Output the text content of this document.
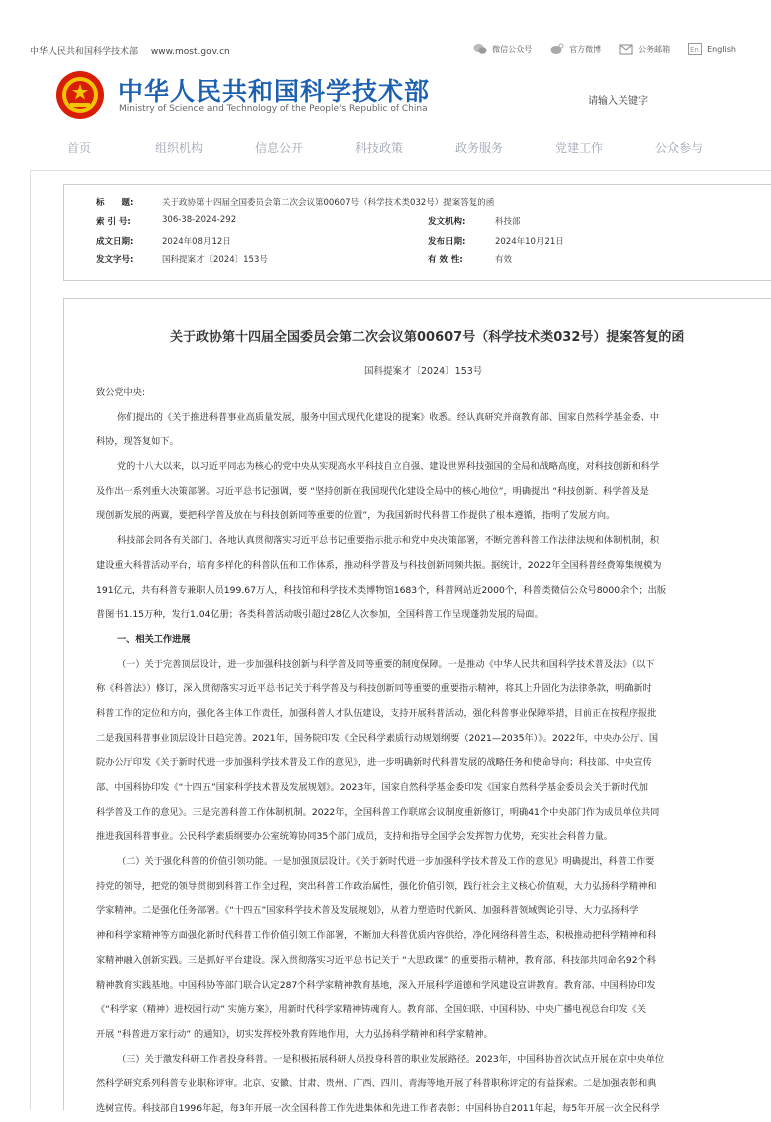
中华人民共和国科学技术部 www.most.gov.cn	微信公众号	官方微博	公务邮箱	En English
中华人民共和国科学技术部
Ministry of Science and Technology of the People's Republic of China
请输入关键字
首页	组织机构	信息公开	科技政策	政务服务	党建工作	公众参与
标　　题:	关于政协第十四届全国委员会第二次会议第00607号（科学技术类032号）提案答复的函
索 引 号:	306-38-2024-292	发文机构:	科技部
成文日期:	2024年08月12日	发布日期:	2024年10月21日
发文字号:	国科提案才〔2024〕153号	有 效 性:	有效
关于政协第十四届全国委员会第二次会议第00607号（科学技术类032号）提案答复的函
国科提案才〔2024〕153号
致公党中央:
你们提出的《关于推进科普事业高质量发展，服务中国式现代化建设的提案》收悉。经认真研究并商教育部、国家自然科学基金委、中
科协，现答复如下。
党的十八大以来，以习近平同志为核心的党中央从实现高水平科技自立自强、建设世界科技强国的全局和战略高度，对科技创新和科学
及作出一系列重大决策部署。习近平总书记强调，要 “坚持创新在我国现代化建设全局中的核心地位”，明确提出 “科技创新、科学普及是
现创新发展的两翼，要把科学普及放在与科技创新同等重要的位置”，为我国新时代科普工作提供了根本遵循，指明了发展方向。
科技部会同各有关部门、各地认真贯彻落实习近平总书记重要指示批示和党中央决策部署，不断完善科普工作法律法规和体制机制，积
建设重大科普活动平台，培育多样化的科普队伍和工作体系，推动科学普及与科技创新同频共振。据统计，2022年全国科普经费筹集规模为
191亿元，共有科普专兼职人员199.67万人，科技馆和科学技术类博物馆1683个，科普网站近2000个，科普类微信公众号8000余个；出版
普图书1.15万种，发行1.04亿册；各类科普活动吸引超过28亿人次参加，全国科普工作呈现蓬勃发展的局面。
一、相关工作进展
（一）关于完善顶层设计，进一步加强科技创新与科学普及同等重要的制度保障。一是推动《中华人民共和国科学技术普及法》（以下
称《科普法》）修订，深入贯彻落实习近平总书记关于科学普及与科技创新同等重要的重要指示精神，将其上升固化为法律条款，明确新时
科普工作的定位和方向，强化各主体工作责任，加强科普人才队伍建设，支持开展科普活动，强化科普事业保障举措，目前正在按程序报批
二是我国科普事业顶层设计日趋完善。2021年，国务院印发《全民科学素质行动规划纲要（2021—2035年）》。2022年，中央办公厅、国
院办公厅印发《关于新时代进一步加强科学技术普及工作的意见》，进一步明确新时代科普发展的战略任务和使命导向；科技部、中央宣传
部、中国科协印发《“十四五”国家科学技术普及发展规划》。2023年，国家自然科学基金委印发《国家自然科学基金委员会关于新时代加
科学普及工作的意见》。三是完善科普工作体制机制。2022年，全国科普工作联席会议制度重新修订，明确41个中央部门作为成员单位共同
推进我国科普事业。公民科学素质纲要办公室统筹协同35个部门成员，支持和指导全国学会发挥智力优势，充实社会科普力量。
（二）关于强化科普的价值引领功能。一是加强顶层设计。《关于新时代进一步加强科学技术普及工作的意见》明确提出，科普工作要
持党的领导，把党的领导贯彻到科普工作全过程，突出科普工作政治属性，强化价值引领，践行社会主义核心价值观，大力弘扬科学精神和
学家精神。二是强化任务部署。《“十四五”国家科学技术普及发展规划》，从着力塑造时代新风、加强科普领域舆论引导、大力弘扬科学
神和科学家精神等方面强化新时代科普工作价值引领工作部署，不断加大科普优质内容供给，净化网络科普生态，积极推动把科学精神和科
家精神融入创新实践。三是抓好平台建设。深入贯彻落实习近平总书记关于 “大思政课” 的重要指示精神，教育部、科技部共同命名92个科
精神教育实践基地。中国科协等部门联合认定287个科学家精神教育基地，深入开展科学道德和学风建设宣讲教育。教育部、中国科协印发
《“科学家（精神）进校园行动” 实施方案》，用新时代科学家精神铸魂育人。教育部、全国妇联、中国科协、中央广播电视总台印发《关
开展 “科普进万家行动” 的通知》，切实发挥校外教育阵地作用，大力弘扬科学精神和科学家精神。
（三）关于激发科研工作者投身科普。一是积极拓展科研人员投身科普的职业发展路径。2023年，中国科协首次试点开展在京中央单位
然科学研究系列科普专业职称评审。北京、安徽、甘肃、贵州、广西、四川、青海等地开展了科普职称评定的有益探索。二是加强表彰和典
选树宣传。科技部自1996年起，每3年开展一次全国科普工作先进集体和先进工作者表彰；中国科协自2011年起，每5年开展一次全民科学
